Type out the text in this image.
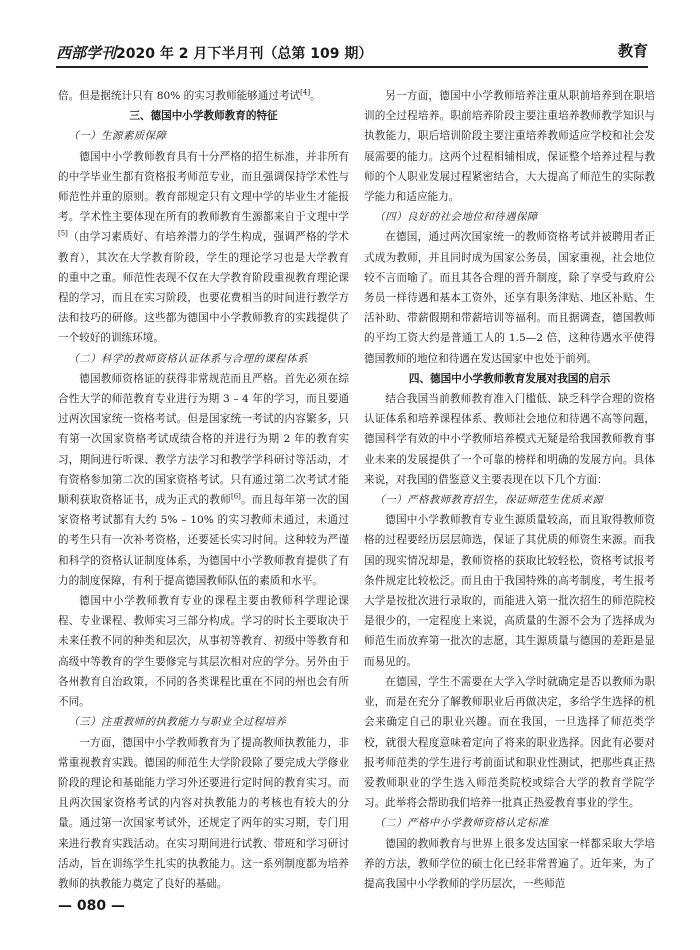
西部学刊2020 年 2 月下半月刊（总第 109 期）	教育

倍。但是据统计只有 80% 的实习教师能够通过考试[4]。

三、德国中小学教师教育的特征
（一）生源素质保障

德国中小学教师教育具有十分严格的招生标准，并非所有的中学毕业生都有资格报考师范专业，而且强调保持学术性与师范性并重的原则。教育部规定只有文理中学的毕业生才能报考。学术性主要体现在所有的教师教育生源都来自于文理中学[5]（由学习素质好、有培养潜力的学生构成，强调严格的学术教育），其次在大学教育阶段，学生的理论学习也是大学教育的重中之重。师范性表现不仅在大学教育阶段重视教育理论课程的学习，而且在实习阶段，也要花费相当的时间进行教学方法和技巧的研修。这些都为德国中小学教师教育的实践提供了一个较好的训练环境。

（二）科学的教师资格认证体系与合理的课程体系

德国教师资格证的获得非常规范而且严格。首先必须在综合性大学的师范教育专业进行为期 3 – 4 年的学习，而且要通过两次国家统一资格考试。但是国家统一考试的内容繁多，只有第一次国家资格考试成绩合格的并进行为期 2 年的教育实习，期间进行听课、教学方法学习和教学学科研讨等活动，才有资格参加第二次的国家资格考试。只有通过第二次考试才能顺利获取资格证书，成为正式的教师[6]。而且每年第一次的国家资格考试都有大约 5% – 10% 的实习教师未通过，未通过的考生只有一次补考资格，还要延长实习时间。这种较为严谨和科学的资格认证制度体系，为德国中小学教师教育提供了有力的制度保障，有利于提高德国教师队伍的素质和水平。

德国中小学教师教育专业的课程主要由教师科学理论课程、专业课程、教师实习三部分构成。学习的时长主要取决于未来任教不同的种类和层次，从事初等教育、初级中等教育和高级中等教育的学生要修完与其层次相对应的学分。另外由于各州教育自治政策，不同的各类课程比重在不同的州也会有所不同。

（三）注重教师的执教能力与职业全过程培养

一方面，德国中小学教师教育为了提高教师执教能力，非常重视教育实践。德国的师范生大学阶段除了要完成大学修业阶段的理论和基础能力学习外还要进行定时间的教育实习。而且两次国家资格考试的内容对执教能力的考核也有较大的分量。通过第一次国家考试外，还规定了两年的实习期，专门用来进行教育实践活动。在实习期间进行试教、带班和学习研讨活动，旨在训练学生扎实的执教能力。这一系列制度都为培养教师的执教能力奠定了良好的基础。

另一方面，德国中小学教师培养注重从职前培养到在职培训的全过程培养。职前培养阶段主要注重培养教师教学知识与执教能力，职后培训阶段主要注重培养教师适应学校和社会发展需要的能力。这两个过程相辅相成，保证整个培养过程与教师的个人职业发展过程紧密结合，大大提高了师范生的实际教学能力和适应能力。

（四）良好的社会地位和待遇保障

在德国，通过两次国家统一的教师资格考试并被聘用者正式成为教师，并且同时成为国家公务员，国家重视，社会地位较不言而喻了。而且其各合理的晋升制度，除了享受与政府公务员一样待遇和基本工资外，还享有职务津贴、地区补贴、生活补助、带薪假期和带薪培训等福利。而且据调查，德国教师的平均工资大约是普通工人的 1.5—2 倍，这种待遇水平使得德国教师的地位和待遇在发达国家中也处于前列。

四、德国中小学教师教育发展对我国的启示

结合我国当前教师教育准入门槛低、缺乏科学合理的资格认证体系和培养课程体系、教师社会地位和待遇不高等问题，德国科学有效的中小学教师培养模式无疑是给我国教师教育事业未来的发展提供了一个可靠的榜样和明确的发展方向。具体来说，对我国的借鉴意义主要表现在以下几个方面：

（一）严格教师教育招生，保证师范生优质来源

德国中小学教师教育专业生源质量较高，而且取得教师资格的过程要经历层层筛选，保证了其优质的师资生来源。而我国的现实情况却是，教师资格的获取比较轻松，资格考试报考条件规定比较松泛。而且由于我国特殊的高考制度，考生报考大学是按批次进行录取的，而能进入第一批次招生的师范院校是很少的，一定程度上来说，高质量的生源不会为了选择成为师范生而放弃第一批次的志愿，其生源质量与德国的差距是显而易见的。

在德国，学生不需要在大学入学时就确定是否以教师为职业，而是在充分了解教师职业后再做决定，多给学生选择的机会来确定自己的职业兴趣。而在我国，一旦选择了师范类学校，就很大程度意味着定向了将来的职业选择。因此有必要对报考师范类的学生进行考前面试和职业性测试，把那些真正热爱教师职业的学生选入师范类院校或综合大学的教育学院学习。此举将会帮助我们培养一批真正热爱教育事业的学生。

（二）严格中小学教师资格认定标准

德国的教师教育与世界上很多发达国家一样都采取大学培养的方法，教师学位的硕士化已经非常普遍了。近年来，为了提高我国中小学教师的学历层次，一些师范

— 080 —
